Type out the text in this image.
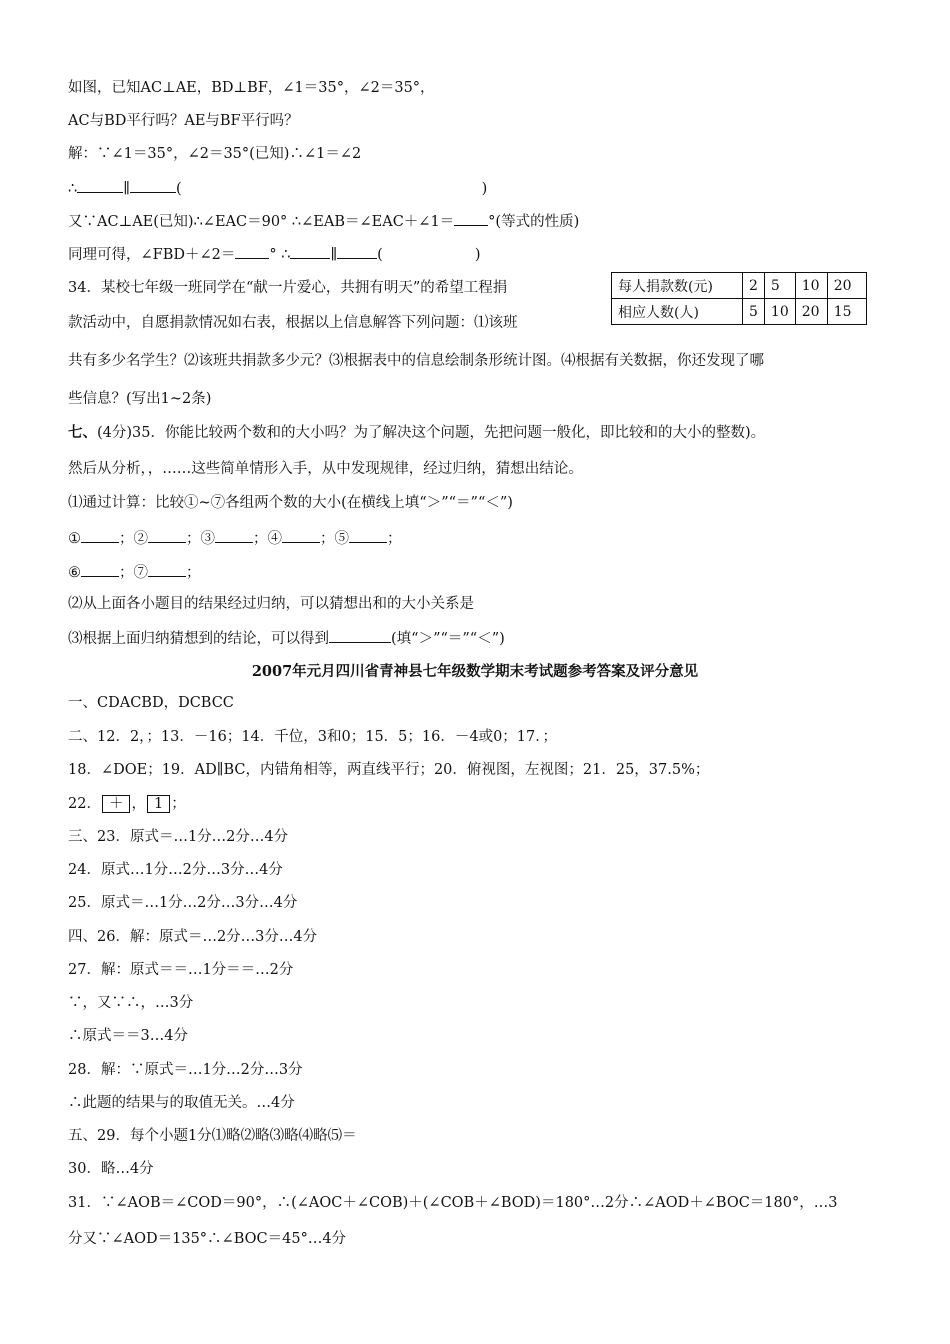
如图，已知AC⊥AE，BD⊥BF，∠1＝35°，∠2＝35°，
AC与BD平行吗？AE与BF平行吗？
解：∵∠1＝35°，∠2＝35°(已知)∴∠1＝∠2
∴	∥	(	)
又∵AC⊥AE(已知)∴∠EAC＝90° ∴∠EAB＝∠EAC＋∠1＝ °(等式的性质)
同理可得，∠FBD＋∠2＝ ° ∴	∥	(	)
34．某校七年级一班同学在“献一片爱心，共拥有明天”的希望工程捐
款活动中，自愿捐款情况如右表，根据以上信息解答下列问题：⑴该班
每人捐款数(元)	2	5	10	20
相应人数(人)	5	10	20	15
共有多少名学生？⑵该班共捐款多少元？⑶根据表中的信息绘制条形统计图。⑷根据有关数据，你还发现了哪
些信息？(写出1~2条)
七、(4分)35．你能比较两个数和的大小吗？为了解决这个问题，先把问题一般化，即比较和的大小的整数)。
然后从分析，，……这些简单情形入手，从中发现规律，经过归纳，猜想出结论。
⑴通过计算：比较①~⑦各组两个数的大小(在横线上填“＞”“＝”“＜”)
①	；②	；③	；④	；⑤	；
⑥	；⑦	；
⑵从上面各小题目的结果经过归纳，可以猜想出和的大小关系是
⑶根据上面归纳猜想到的结论，可以得到	(填“＞”“＝”“＜”)
2007年元月四川省青神县七年级数学期末考试题参考答案及评分意见
一、CDACBD，DCBCC
二、12．2，；13．－16；14．千位，3和0；15．5；16．－4或0；17．；
18．∠DOE；19．AD∥BC，内错角相等，两直线平行；20．俯视图，左视图；21．25，37.5%；
22． ＋ ， 1 ；
三、23．原式＝…1分…2分…4分
24．原式…1分…2分…3分…4分
25．原式＝…1分…2分…3分…4分
四、26．解：原式＝…2分…3分…4分
27．解：原式＝＝…1分＝＝…2分
∵，又∵∴，…3分
∴原式＝＝3…4分
28．解：∵原式＝…1分…2分…3分
∴此题的结果与的取值无关。…4分
五、29．每个小题1分⑴略⑵略⑶略⑷略⑸＝
30．略…4分
31．∵∠AOB＝∠COD＝90°，∴(∠AOC＋∠COB)＋(∠COB＋∠BOD)＝180°…2分∴∠AOD＋∠BOC＝180°，…3
分又∵∠AOD＝135°∴∠BOC＝45°…4分
